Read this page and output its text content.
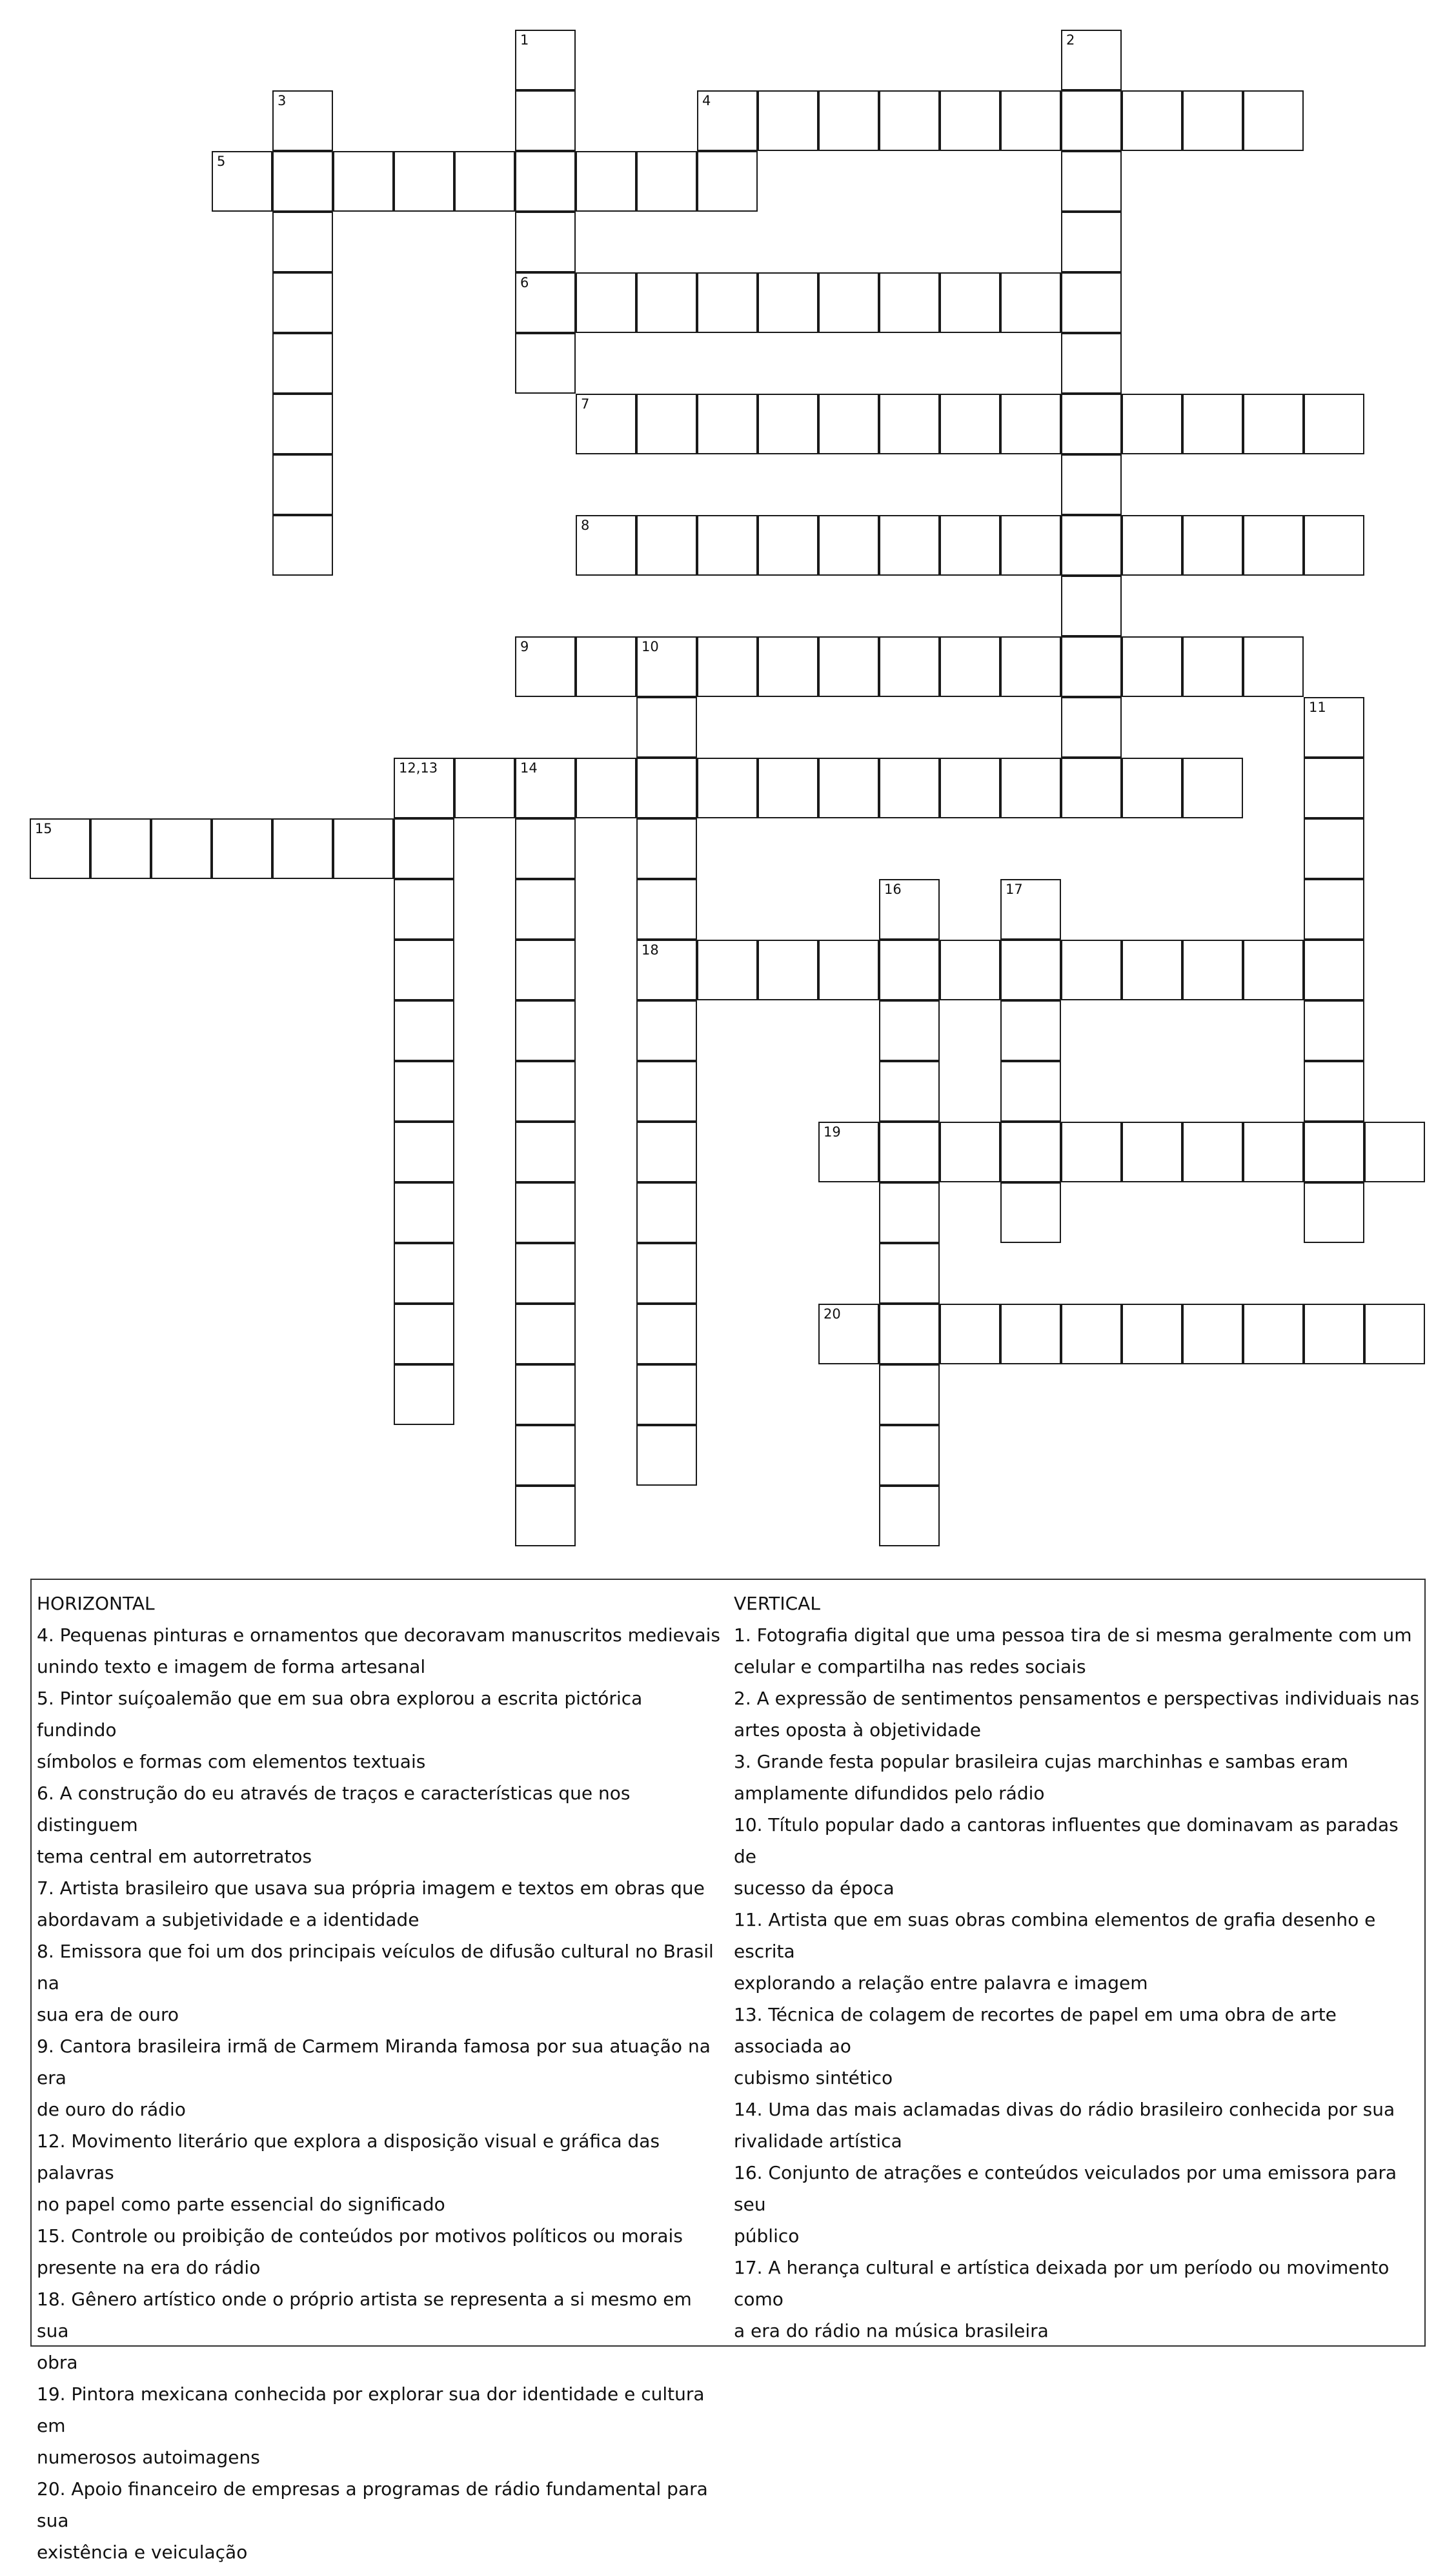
1
6
2
3	4
5
7
8
9	10
18
11
12,13	14
15
16	17
19
20
HORIZONTAL
4. Pequenas pinturas e ornamentos que decoravam manuscritos medievais
unindo texto e imagem de forma artesanal
5. Pintor suíçoalemão que em sua obra explorou a escrita pictórica fundindo
símbolos e formas com elementos textuais
6. A construção do eu através de traços e características que nos distinguem
tema central em autorretratos
7. Artista brasileiro que usava sua própria imagem e textos em obras que
abordavam a subjetividade e a identidade
8. Emissora que foi um dos principais veículos de difusão cultural no Brasil na
sua era de ouro
9. Cantora brasileira irmã de Carmem Miranda famosa por sua atuação na era
de ouro do rádio
12. Movimento literário que explora a disposição visual e gráfica das palavras
no papel como parte essencial do significado
15. Controle ou proibição de conteúdos por motivos políticos ou morais
presente na era do rádio
18. Gênero artístico onde o próprio artista se representa a si mesmo em sua
obra
19. Pintora mexicana conhecida por explorar sua dor identidade e cultura em
numerosos autoimagens
20. Apoio financeiro de empresas a programas de rádio fundamental para sua
existência e veiculação
VERTICAL
1. Fotografia digital que uma pessoa tira de si mesma geralmente com um
celular e compartilha nas redes sociais
2. A expressão de sentimentos pensamentos e perspectivas individuais nas
artes oposta à objetividade
3. Grande festa popular brasileira cujas marchinhas e sambas eram
amplamente difundidos pelo rádio
10. Título popular dado a cantoras influentes que dominavam as paradas de
sucesso da época
11. Artista que em suas obras combina elementos de grafia desenho e escrita
explorando a relação entre palavra e imagem
13. Técnica de colagem de recortes de papel em uma obra de arte associada ao
cubismo sintético
14. Uma das mais aclamadas divas do rádio brasileiro conhecida por sua
rivalidade artística
16. Conjunto de atrações e conteúdos veiculados por uma emissora para seu
público
17. A herança cultural e artística deixada por um período ou movimento como
a era do rádio na música brasileira
